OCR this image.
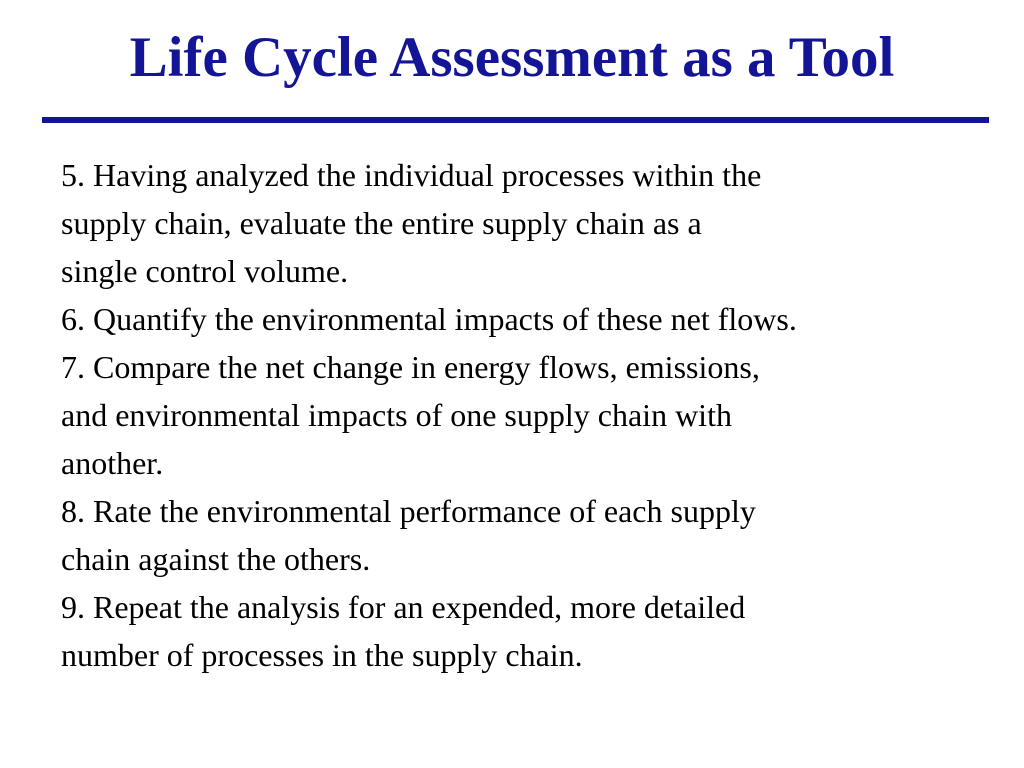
Life Cycle Assessment as a Tool
5. Having analyzed the individual processes within the
supply chain, evaluate the entire supply chain as a
single control volume.
6. Quantify the environmental impacts of these net flows.
7. Compare the net change in energy flows, emissions,
and environmental impacts of one supply chain with
another.
8. Rate the environmental performance of each supply
chain against the others.
9. Repeat the analysis for an expended, more detailed
number of processes in the supply chain.
